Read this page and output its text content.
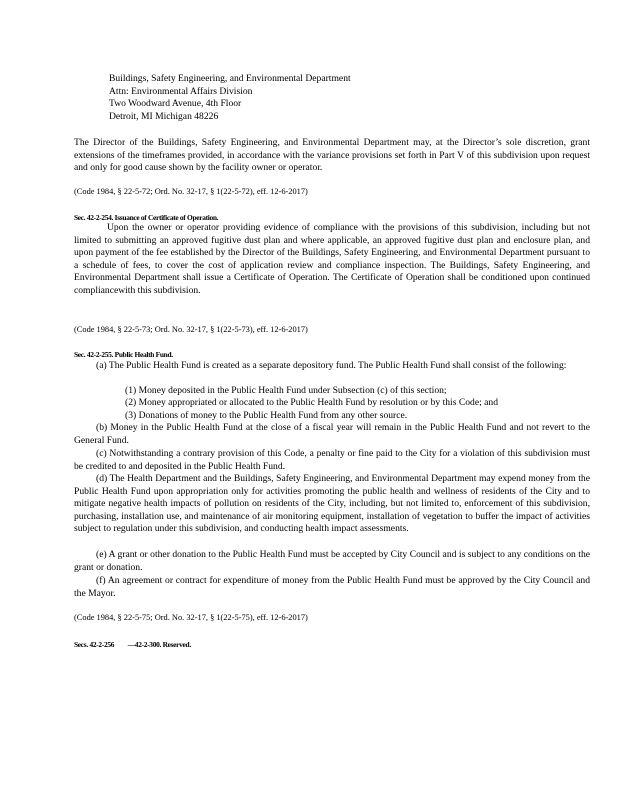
Buildings, Safety Engineering, and Environmental Department
Attn: Environmental Affairs Division
Two Woodward Avenue, 4th Floor
Detroit, MI Michigan 48226
The Director of the Buildings, Safety Engineering, and Environmental Department may, at the Director’s sole discretion, grant extensions of the timeframes provided, in accordance with the variance provisions set forth in Part V of this subdivision upon request and only for good cause shown by the facility owner or operator.
(Code 1984, § 22-5-72; Ord. No. 32-17, § 1(22-5-72), eff. 12-6-2017)
Sec. 42-2-254. Issuance of Certificate of Operation.
Upon the owner or operator providing evidence of compliance with the provisions of this subdivision, including but not limited to submitting an approved fugitive dust plan and where applicable, an approved fugitive dust plan and enclosure plan, and upon payment of the fee established by the Director of the Buildings, Safety Engineering, and Environmental Department pursuant to a schedule of fees, to cover the cost of application review and compliance inspection. The Buildings, Safety Engineering, and Environmental Department shall issue a Certificate of Operation. The Certificate of Operation shall be conditioned upon continued compliancewith this subdivision.
(Code 1984, § 22-5-73; Ord. No. 32-17, § 1(22-5-73), eff. 12-6-2017)
Sec. 42-2-255. Public Health Fund.
(a) The Public Health Fund is created as a separate depository fund. The Public Health Fund shall consist of the following:
(1) Money deposited in the Public Health Fund under Subsection (c) of this section;
(2) Money appropriated or allocated to the Public Health Fund by resolution or by this Code; and
(3) Donations of money to the Public Health Fund from any other source.
(b) Money in the Public Health Fund at the close of a fiscal year will remain in the Public Health Fund and not revert to the General Fund.
(c) Notwithstanding a contrary provision of this Code, a penalty or fine paid to the City for a violation of this subdivision must be credited to and deposited in the Public Health Fund.
(d) The Health Department and the Buildings, Safety Engineering, and Environmental Department may expend money from the Public Health Fund upon appropriation only for activities promoting the public health and wellness of residents of the City and to mitigate negative health impacts of pollution on residents of the City, including, but not limited to, enforcement of this subdivision, purchasing, installation use, and maintenance of air monitoring equipment, installation of vegetation to buffer the impact of activities subject to regulation under this subdivision, and conducting health impact assessments.
(e) A grant or other donation to the Public Health Fund must be accepted by City Council and is subject to any conditions on the grant or donation.
(f) An agreement or contract for expenditure of money from the Public Health Fund must be approved by the City Council and the Mayor.
(Code 1984, § 22-5-75; Ord. No. 32-17, § 1(22-5-75), eff. 12-6-2017)
Secs. 42-2-256 —42-2-300. Reserved.
